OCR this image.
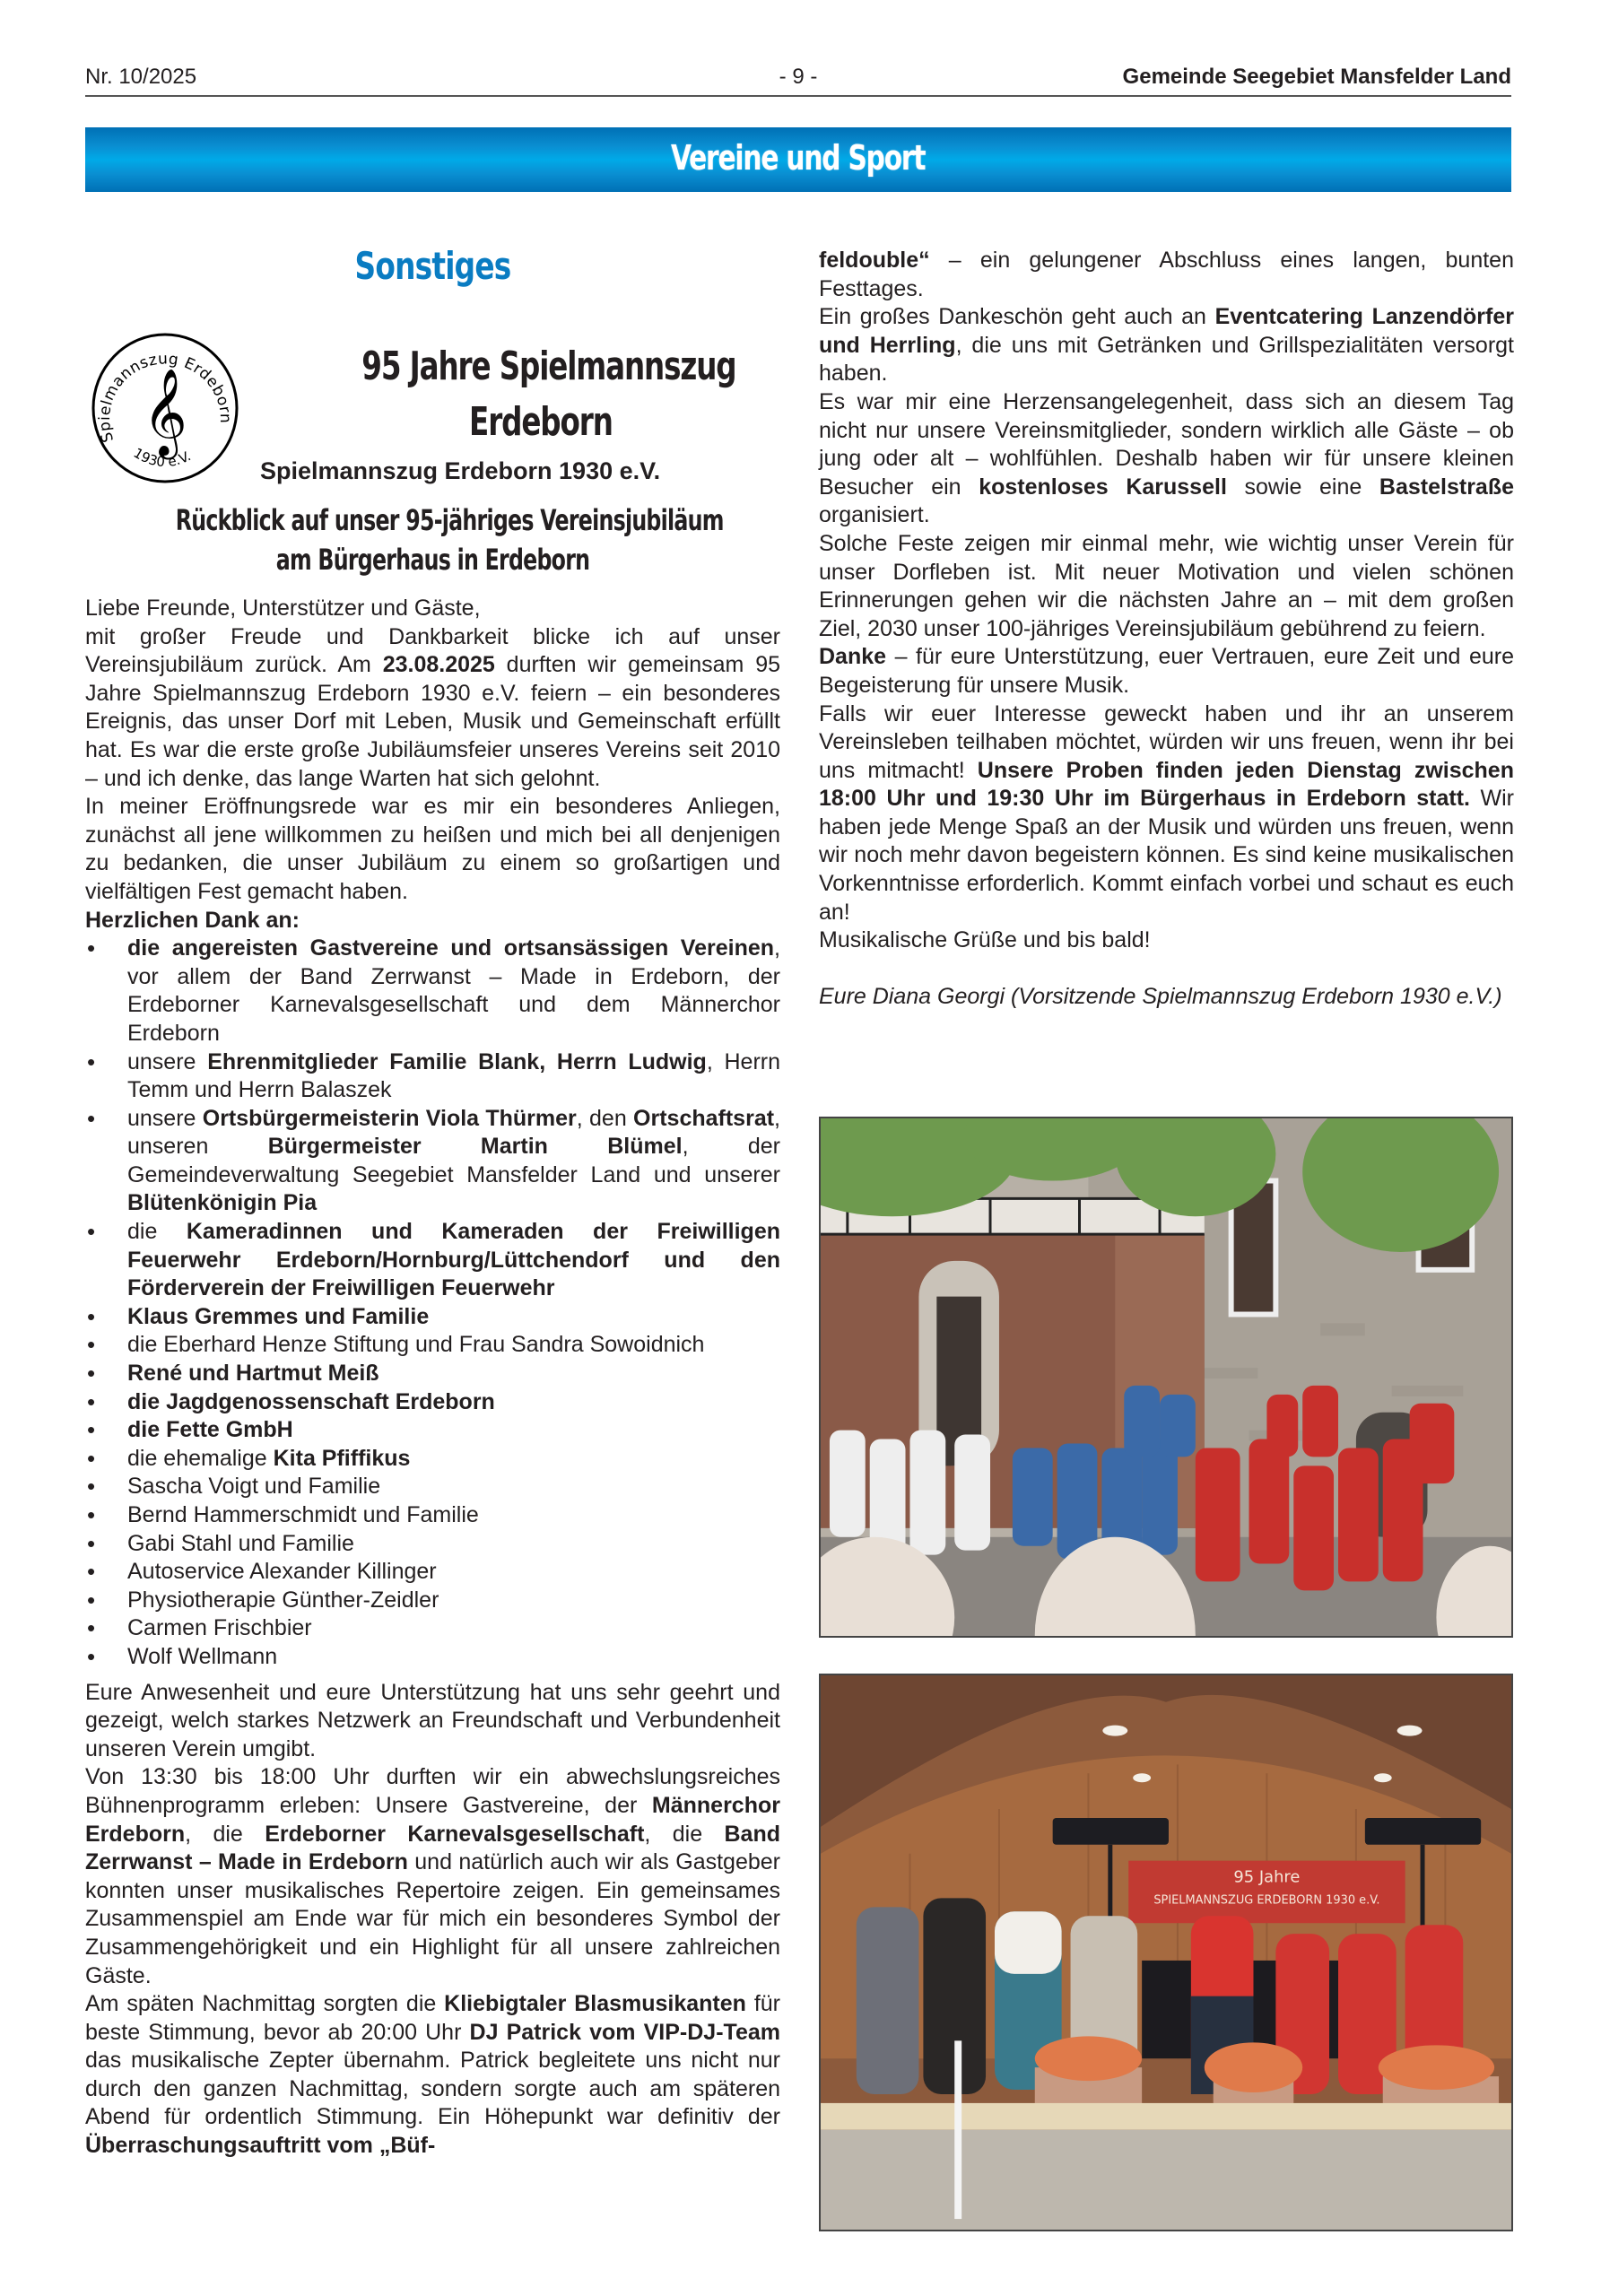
Nr. 10/2025	- 9 -	Gemeinde Seegebiet Mansfelder Land
Vereine und Sport
Sonstiges
Spielmannszug Erdeborn
1930 e.V.
𝄞
95 Jahre Spielmannszug
Erdeborn
Spielmannszug Erdeborn 1930 e.V.
Rückblick auf unser 95-jähriges Vereinsjubiläum
am Bürgerhaus in Erdeborn

Liebe Freunde, Unterstützer und Gäste,

mit großer Freude und Dankbarkeit blicke ich auf unser Vereinsjubiläum zurück. Am 23.08.2025 durften wir gemeinsam 95 Jahre Spielmannszug Erdeborn 1930 e.V. feiern – ein besonderes Ereignis, das unser Dorf mit Leben, Musik und Gemeinschaft erfüllt hat. Es war die erste große Jubiläumsfeier unseres Vereins seit 2010 – und ich denke, das lange Warten hat sich gelohnt.

In meiner Eröffnungsrede war es mir ein besonderes Anliegen, zunächst all jene willkommen zu heißen und mich bei all denjenigen zu bedanken, die unser Jubiläum zu einem so großartigen und vielfältigen Fest gemacht haben.

Herzlichen Dank an:

• die angereisten Gastvereine und ortsansässigen Vereinen, vor allem der Band Zerrwanst – Made in Erdeborn, der Erdeborner Karnevalsgesellschaft und dem Männerchor Erdeborn
• unsere Ehrenmitglieder Familie Blank, Herrn Ludwig, Herrn Temm und Herrn Balaszek
• unsere Ortsbürgermeisterin Viola Thürmer, den Ortschaftsrat, unseren Bürgermeister Martin Blümel, der Gemeindeverwaltung Seegebiet Mansfelder Land und unserer Blütenkönigin Pia
• die Kameradinnen und Kameraden der Freiwilligen Feuerwehr Erdeborn/Hornburg/Lüttchendorf und den Förderverein der Freiwilligen Feuerwehr
• Klaus Gremmes und Familie
• die Eberhard Henze Stiftung und Frau Sandra Sowoidnich
• René und Hartmut Meiß
• die Jagdgenossenschaft Erdeborn
• die Fette GmbH
• die ehemalige Kita Pfiffikus
• Sascha Voigt und Familie
• Bernd Hammerschmidt und Familie
• Gabi Stahl und Familie
• Autoservice Alexander Killinger
• Physiotherapie Günther-Zeidler
• Carmen Frischbier
• Wolf Wellmann

Eure Anwesenheit und eure Unterstützung hat uns sehr geehrt und gezeigt, welch starkes Netzwerk an Freundschaft und Verbundenheit unseren Verein umgibt.

Von 13:30 bis 18:00 Uhr durften wir ein abwechslungsreiches Bühnenprogramm erleben: Unsere Gastvereine, der Männerchor Erdeborn, die Erdeborner Karnevalsgesellschaft, die Band Zerrwanst – Made in Erdeborn und natürlich auch wir als Gastgeber konnten unser musikalisches Repertoire zeigen. Ein gemeinsames Zusammenspiel am Ende war für mich ein besonderes Symbol der Zusammengehörigkeit und ein Highlight für all unsere zahlreichen Gäste.

Am späten Nachmittag sorgten die Kliebigtaler Blasmusikanten für beste Stimmung, bevor ab 20:00 Uhr DJ Patrick vom VIP-DJ-Team das musikalische Zepter übernahm. Patrick begleitete uns nicht nur durch den ganzen Nachmittag, sondern sorgte auch am späteren Abend für ordentlich Stimmung. Ein Höhepunkt war definitiv der Überraschungsauftritt vom „Büf-

feldouble“ – ein gelungener Abschluss eines langen, bunten Festtages.

Ein großes Dankeschön geht auch an Eventcatering Lanzendörfer und Herrling, die uns mit Getränken und Grillspezialitäten versorgt haben.

Es war mir eine Herzensangelegenheit, dass sich an diesem Tag nicht nur unsere Vereinsmitglieder, sondern wirklich alle Gäste – ob jung oder alt – wohlfühlen. Deshalb haben wir für unsere kleinen Besucher ein kostenloses Karussell sowie eine Bastelstraße organisiert.

Solche Feste zeigen mir einmal mehr, wie wichtig unser Verein für unser Dorfleben ist. Mit neuer Motivation und vielen schönen Erinnerungen gehen wir die nächsten Jahre an – mit dem großen Ziel, 2030 unser 100-jähriges Vereinsjubiläum gebührend zu feiern.

Danke – für eure Unterstützung, euer Vertrauen, eure Zeit und eure Begeisterung für unsere Musik.

Falls wir euer Interesse geweckt haben und ihr an unserem Vereinsleben teilhaben möchtet, würden wir uns freuen, wenn ihr bei uns mitmacht! Unsere Proben finden jeden Dienstag zwischen 18:00 Uhr und 19:30 Uhr im Bürgerhaus in Erdeborn statt. Wir haben jede Menge Spaß an der Musik und würden uns freuen, wenn wir noch mehr davon begeistern können. Es sind keine musikalischen Vorkenntnisse erforderlich. Kommt einfach vorbei und schaut es euch an!

Musikalische Grüße und bis bald!

Eure Diana Georgi (Vorsitzende Spielmannszug Erdeborn 1930 e.V.)

95 Jahre
SPIELMANNSZUG ERDEBORN 1930 e.V.
